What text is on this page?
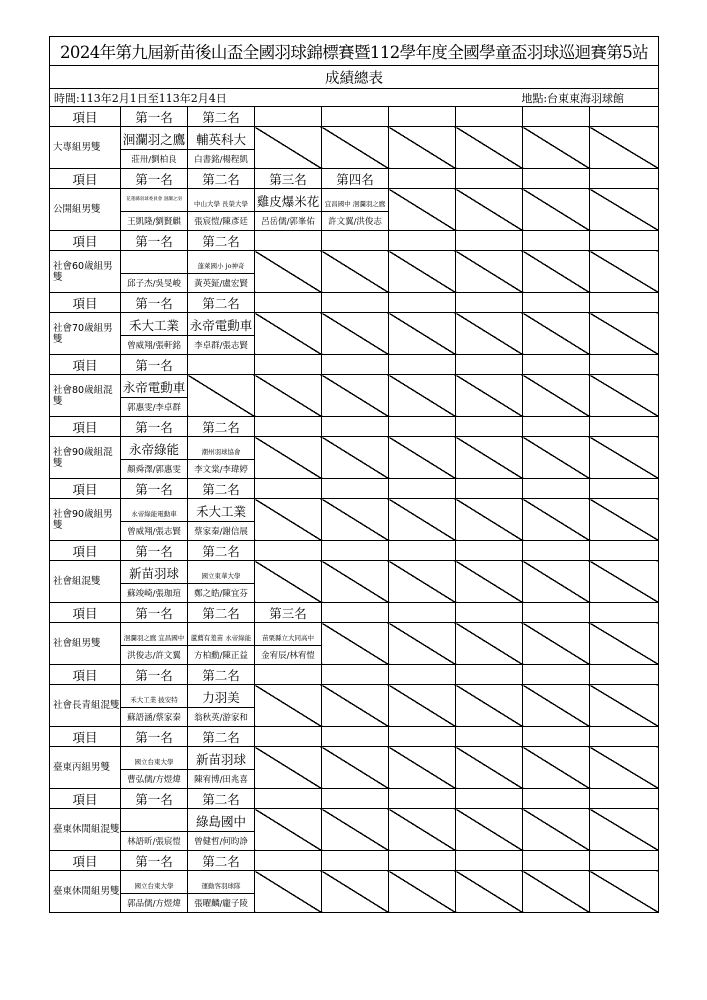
2024年第九屆新苗後山盃全國羽球錦標賽暨112學年度全國學童盃羽球巡迴賽第5站								
成績總表								

時間:113年2月1日至113年2月4日 地點:台東東海羽球館								

項目	第一名	第二名						
大專組男雙	洄瀾羽之鷹	輔英科大						
	莊卅/劉柏良	白書銘/楊程凱						
項目	第一名	第二名	第三名	第四名				
公開組男雙	花蓮縣羽球委員會 洄瀾之羽	中山大學 長榮大學	雞皮爆米花	宜昌國中 洄瀾羽之鷹				
	王凱隆/劉賢麒	張宸愷/陳彥廷	呂岳儒/郭峯佑	許文翼/洪俊志				
項目	第一名	第二名						
社會60歲組男雙		蓬萊國小 jo神奇						
	邱子杰/吳旻峻	黃英鉦/盧宏賢						
項目	第一名	第二名						
社會70歲組男雙	禾大工業	永帝電動車						
	曾威翔/張軒銘	李卓群/張志賢						
項目	第一名							
社會80歲組混雙	永帝電動車							
	郭惠雯/李卓群							
項目	第一名	第二名						
社會90歲組混雙	永帝綠能	潮州羽球協會						
	顏舜澤/郭惠雯	李文棠/李瑋婷						
項目	第一名	第二名						
社會90歲組男雙	永帝綠能電動車	禾大工業						
	曾威翔/張志賢	蔡家秦/謝信展						
項目	第一名	第二名						
社會組混雙	新苗羽球	國立東華大學						
	蘇竣崎/張珈瑄	鄭之皓/陳宜芬						
項目	第一名	第二名	第三名					
社會組男雙	洄瀾羽之鷹 宜昌國中	蘆薦有羞苗 永帝綠能	苗栗縣立大同高中					
	洪俊志/許文翼	方柏勳/陳正益	金宥辰/林宥愷					
項目	第一名	第二名						
社會長青組混雙	禾大工業 披安特	力羽美						
	蘇語涵/蔡家秦	翁秋英/游家和						
項目	第一名	第二名						
臺東丙組男雙	國立台東大學	新苗羽球						
	曹弘儒/方煜煒	陳宥博/田兆喜						
項目	第一名	第二名						
臺東休閒組混雙		綠島國中						
	林語昕/張宸愷	曾健哲/何昀諍						
項目	第一名	第二名						
臺東休閒組男雙	國立台東大學	運動客羽球隊						
	郭品儒/方煜煒	張曜麟/龐子陵						
